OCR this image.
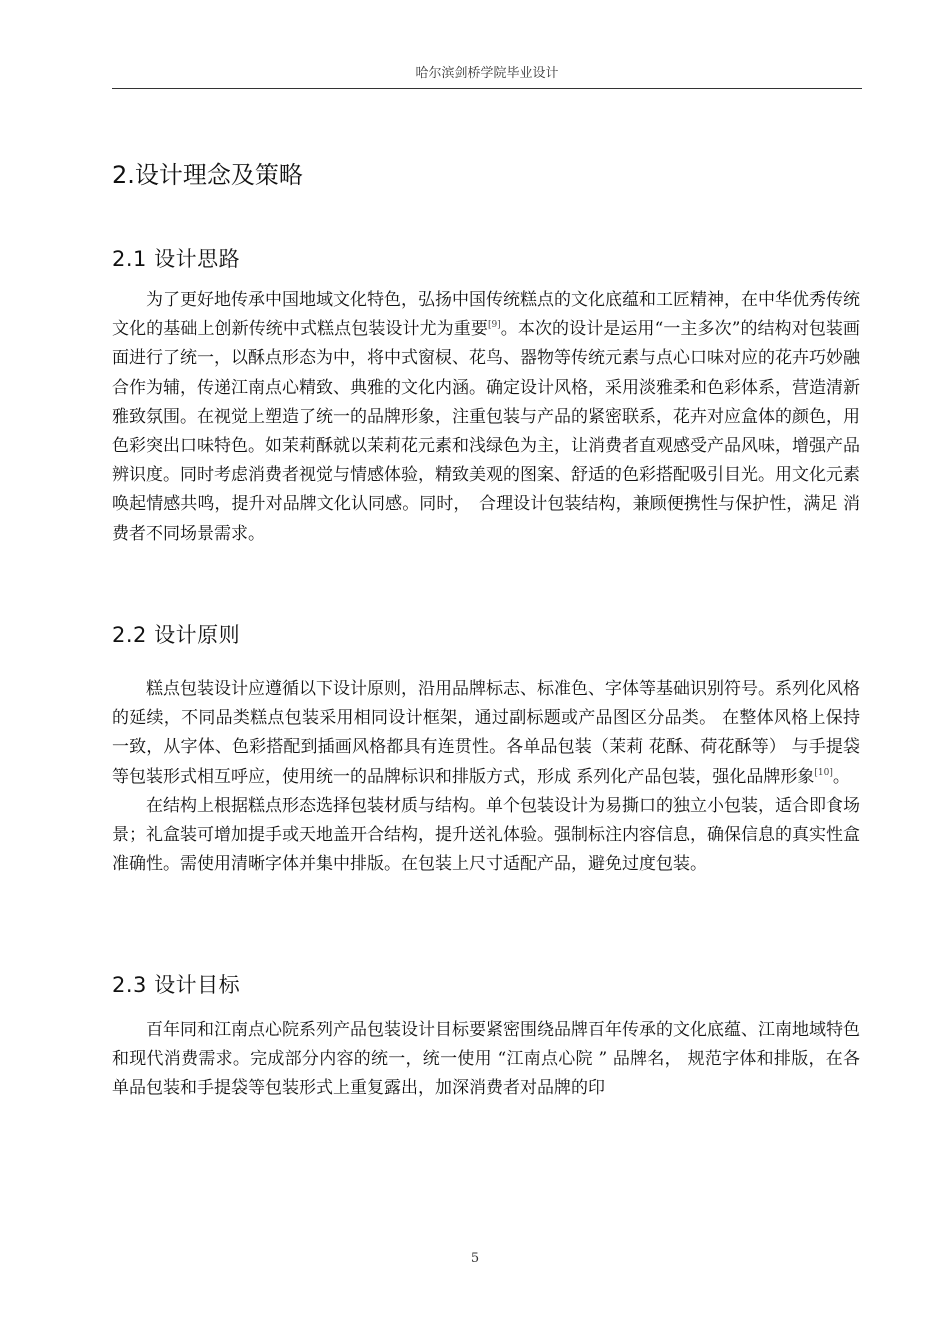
哈尔滨剑桥学院毕业设计
2.设计理念及策略
2.1 设计思路

为了更好地传承中国地域文化特色，弘扬中国传统糕点的文化底蕴和工匠精神，在中华优秀传统文化的基础上创新传统中式糕点包装设计尤为重要[9]。本次的设计是运用“一主多次”的结构对包装画面进行了统一，以酥点形态为中，将中式窗棂、花鸟、器物等传统元素与点心口味对应的花卉巧妙融合作为辅，传递江南点心精致、典雅的文化内涵。确定设计风格，采用淡雅柔和色彩体系，营造清新雅致氛围。在视觉上塑造了统一的品牌形象，注重包装与产品的紧密联系，花卉对应盒体的颜色，用色彩突出口味特色。如茉莉酥就以茉莉花元素和浅绿色为主，让消费者直观感受产品风味，增强产品辨识度。同时考虑消费者视觉与情感体验，精致美观的图案、舒适的色彩搭配吸引目光。用文化元素唤起情感共鸣，提升对品牌文化认同感。同时，　合理设计包装结构，兼顾便携性与保护性，满足 消费者不同场景需求。

2.2 设计原则

糕点包装设计应遵循以下设计原则，沿用品牌标志、标准色、字体等基础识别符号。系列化风格的延续，不同品类糕点包装采用相同设计框架，通过副标题或产品图区分品类。 在整体风格上保持一致，从字体、色彩搭配到插画风格都具有连贯性。各单品包装（茉莉 花酥、荷花酥等） 与手提袋等包装形式相互呼应，使用统一的品牌标识和排版方式，形成 系列化产品包装，强化品牌形象[10]。

在结构上根据糕点形态选择包装材质与结构。单个包装设计为易撕口的独立小包装，适合即食场景；礼盒装可增加提手或天地盖开合结构，提升送礼体验。强制标注内容信息，确保信息的真实性盒准确性。需使用清晰字体并集中排版。在包装上尺寸适配产品，避免过度包装。

2.3 设计目标

百年同和江南点心院系列产品包装设计目标要紧密围绕品牌百年传承的文化底蕴、江南地域特色和现代消费需求。完成部分内容的统一，统一使用 “江南点心院 ” 品牌名， 规范字体和排版，在各单品包装和手提袋等包装形式上重复露出，加深消费者对品牌的印

5
